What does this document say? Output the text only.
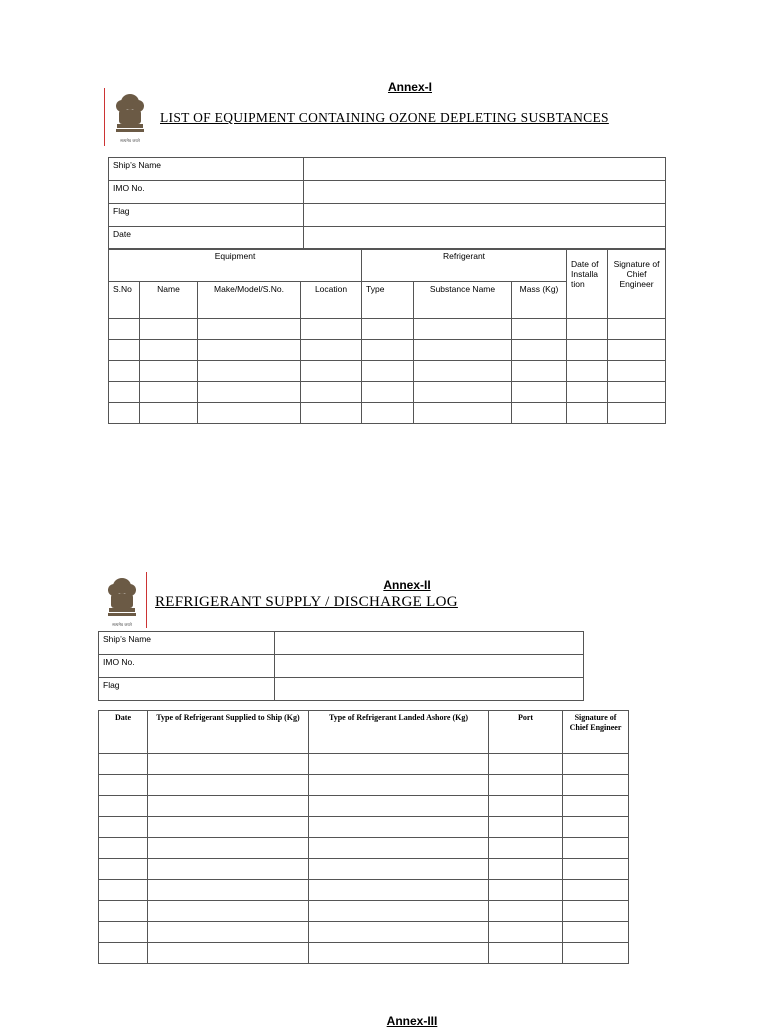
Annex-I
सत्यमेव जयते
LIST OF EQUIPMENT CONTAINING OZONE DEPLETING SUSBTANCES
Ship’s Name	
IMO No.	
Flag	
Date	
Equipment				Refrigerant			Date of Installa tion	Signature of Chief Engineer
S.No	Name	Make/Model/S.No.	Location	Type	Substance Name	Mass (Kg)		

Annex-II
सत्यमेव जयते
REFRIGERANT SUPPLY / DISCHARGE LOG
Ship’s Name	
IMO No.	
Flag	
Date	Type of Refrigerant Supplied to Ship (Kg)	Type of Refrigerant Landed Ashore (Kg)	Port	Signature of Chief Engineer

Annex-III
